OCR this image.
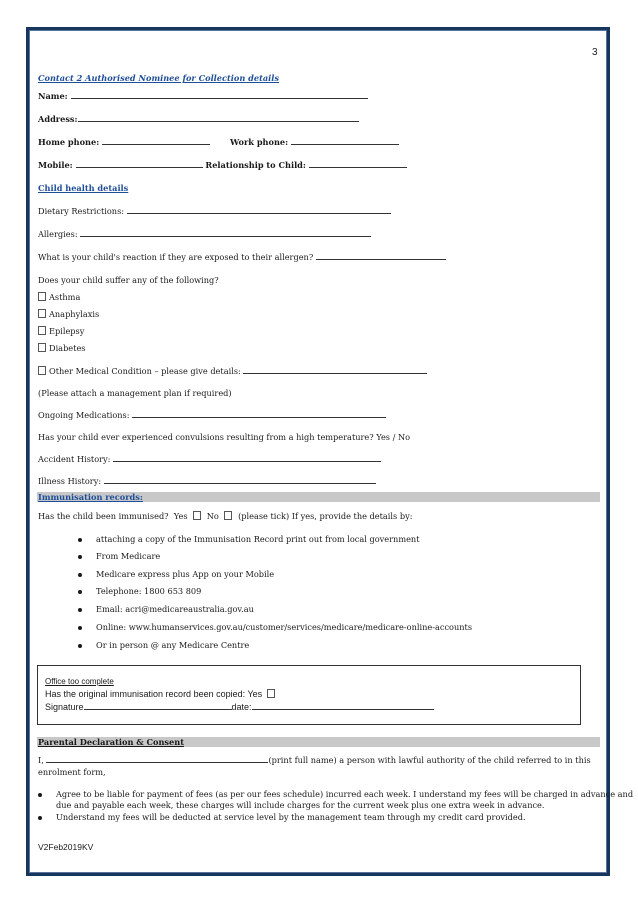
3
Contact 2 Authorised Nominee for Collection details
Name:
Address:
Home phone:	Work phone:
Mobile:	Relationship to Child:
Child health details
Dietary Restrictions:
Allergies:
What is your child's reaction if they are exposed to their allergen?
Does your child suffer any of the following?
Asthma
Anaphylaxis
Epilepsy
Diabetes
Other Medical Condition – please give details:
(Please attach a management plan if required)
Ongoing Medications:
Has your child ever experienced convulsions resulting from a high temperature? Yes / No
Accident History:
Illness History:
Immunisation records:
Has the child been immunised? Yes No (please tick) If yes, provide the details by:
attaching a copy of the Immunisation Record print out from local government
From Medicare
Medicare express plus App on your Mobile
Telephone: 1800 653 809
Email: acri@medicareaustralia.gov.au
Online: www.humanservices.gov.au/customer/services/medicare/medicare-online-accounts
Or in person @ any Medicare Centre
Office too complete
Has the original immunisation record been copied: Yes
Signature	date:
Parental Declaration & Consent
I,	(print full name) a person with lawful authority of the child referred to in this
enrolment form,
Agree to be liable for payment of fees (as per our fees schedule) incurred each week. I understand my fees will be charged in advance and
due and payable each week, these charges will include charges for the current week plus one extra week in advance.
Understand my fees will be deducted at service level by the management team through my credit card provided.
V2Feb2019KV
